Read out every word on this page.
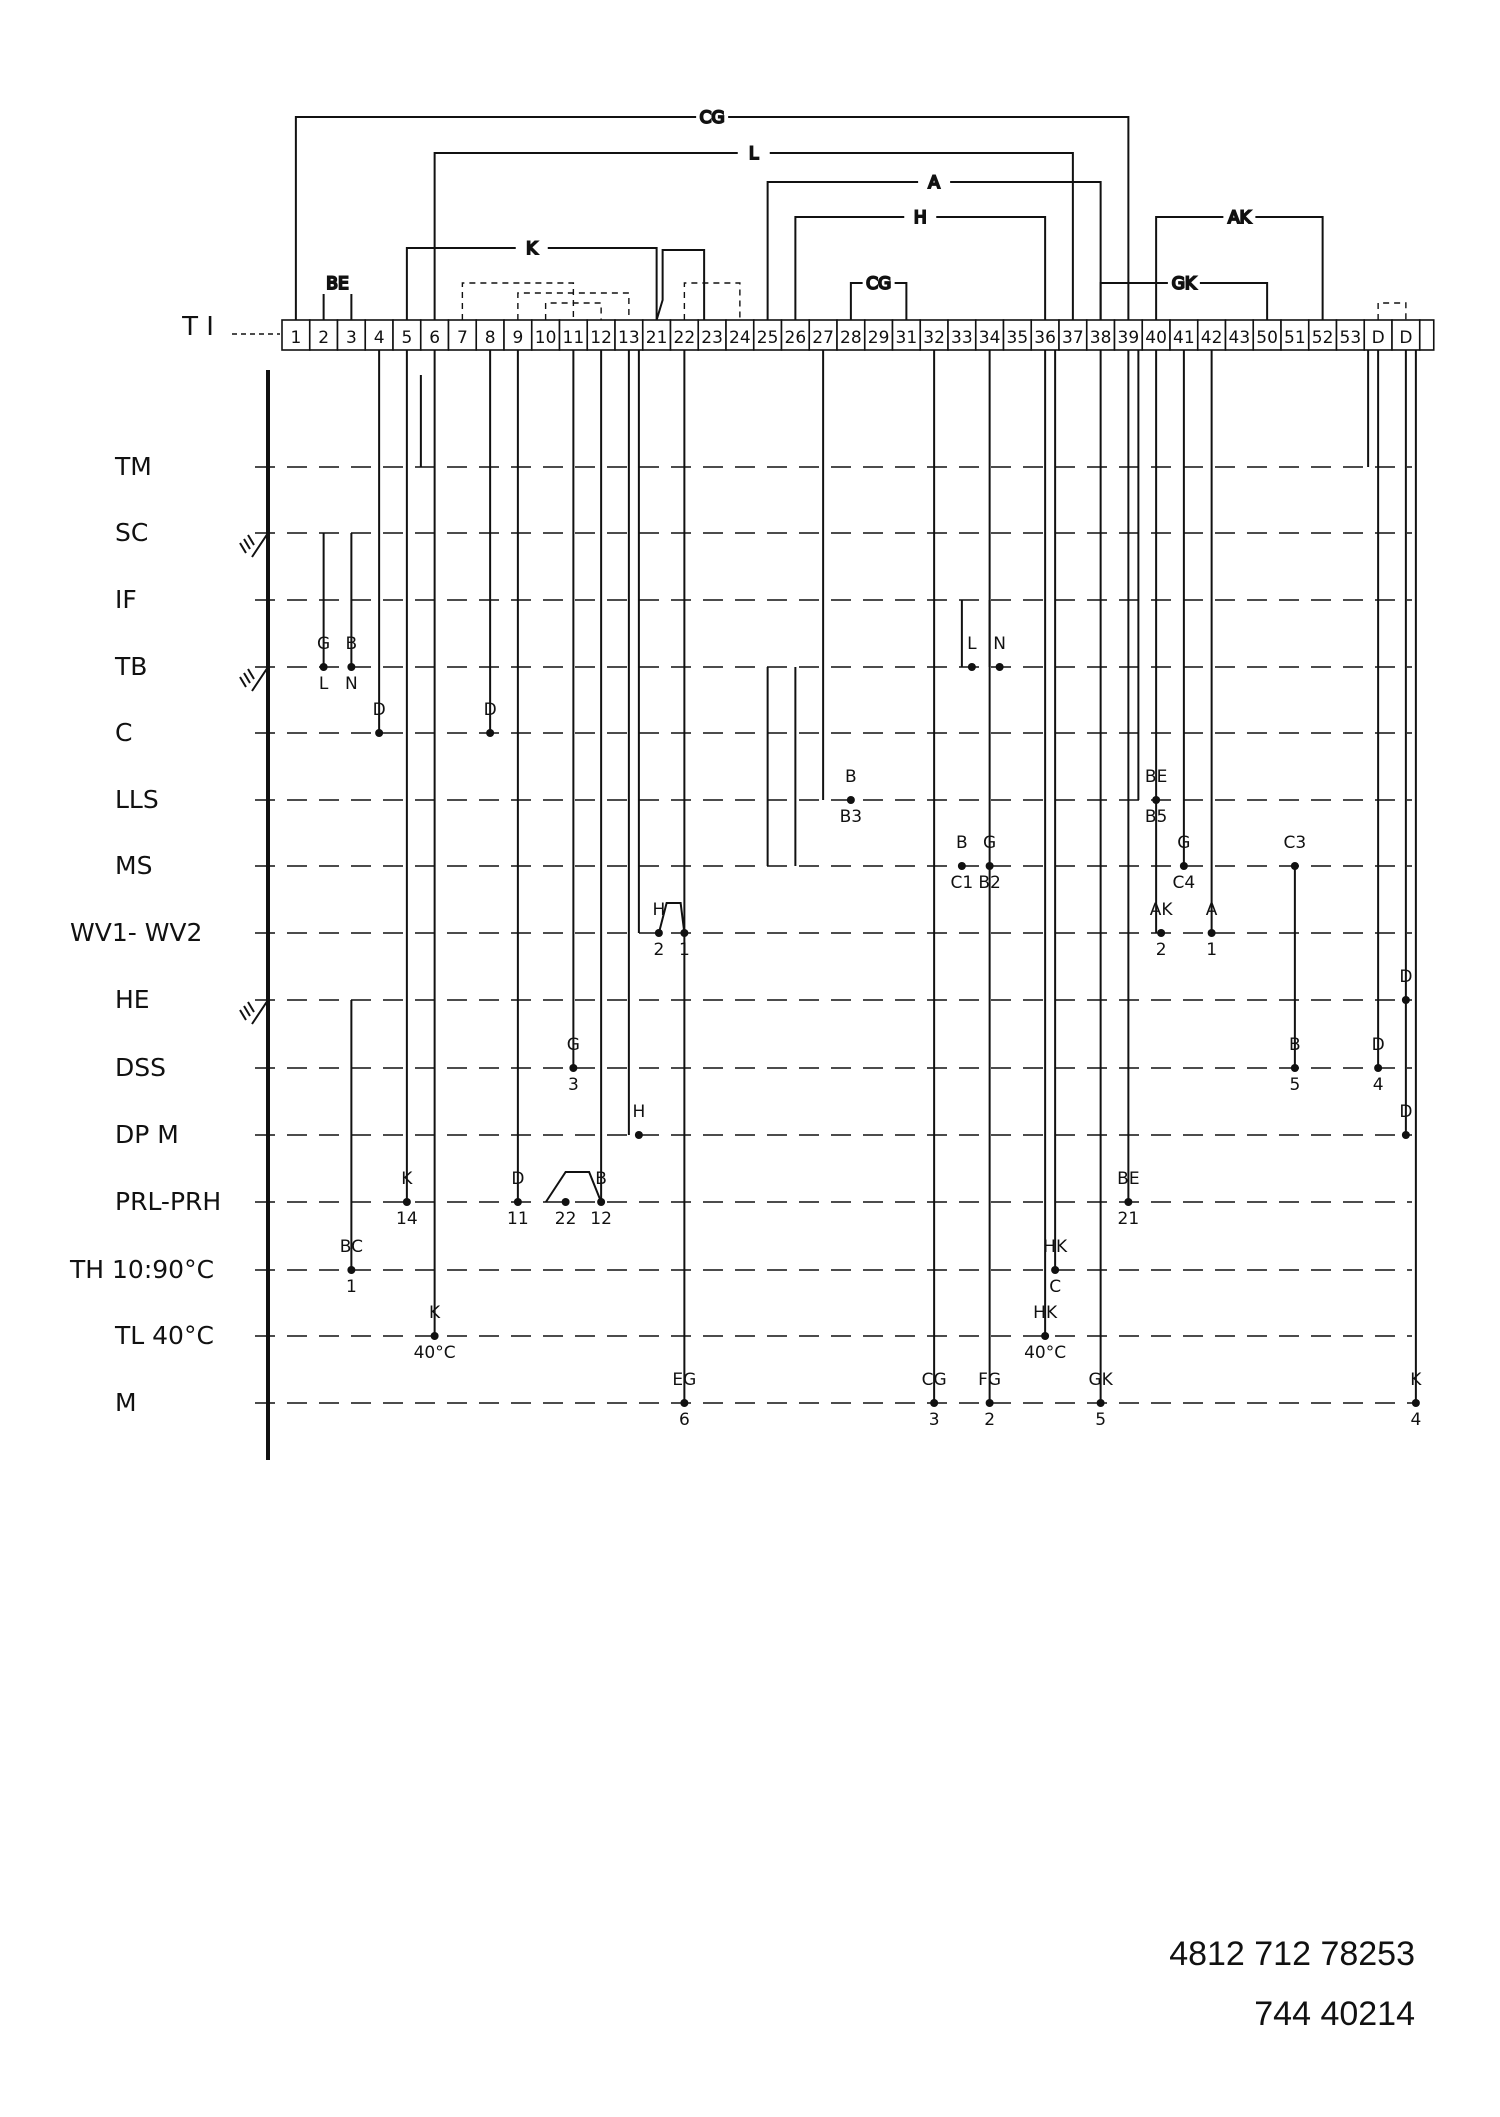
CG
L
A
H	AK
K
GK
CG
BE
T I	1 2 3 4 5 6 7 8 9 10 11 12 13 21 22 23 24 25 26 27 28 29 31 32 33 34 35 36 37 38 39 40 41 42 43 50 51 52 53 D D
TM
SC
IF
TB
C
LLS
MS
WV1- WV2
HE
DSS
DP M
PRL-PRH
TH 10:90°C
TL 40°C
M
G
L
B
N
D	D
L N
B
B3
BE
B5
B
C1
G
B2
G
C4
C3
H
2 1
AK
2
A
1
D
G
3
B
5
D
4
H	D
K
14
D
11 22
B
12
BE
21
BC
1
HK
C
K
40°C
HK
40°C
EG
6
CG
3
FG
2
GK
5
K
4
4812 712 78253
744 40214
